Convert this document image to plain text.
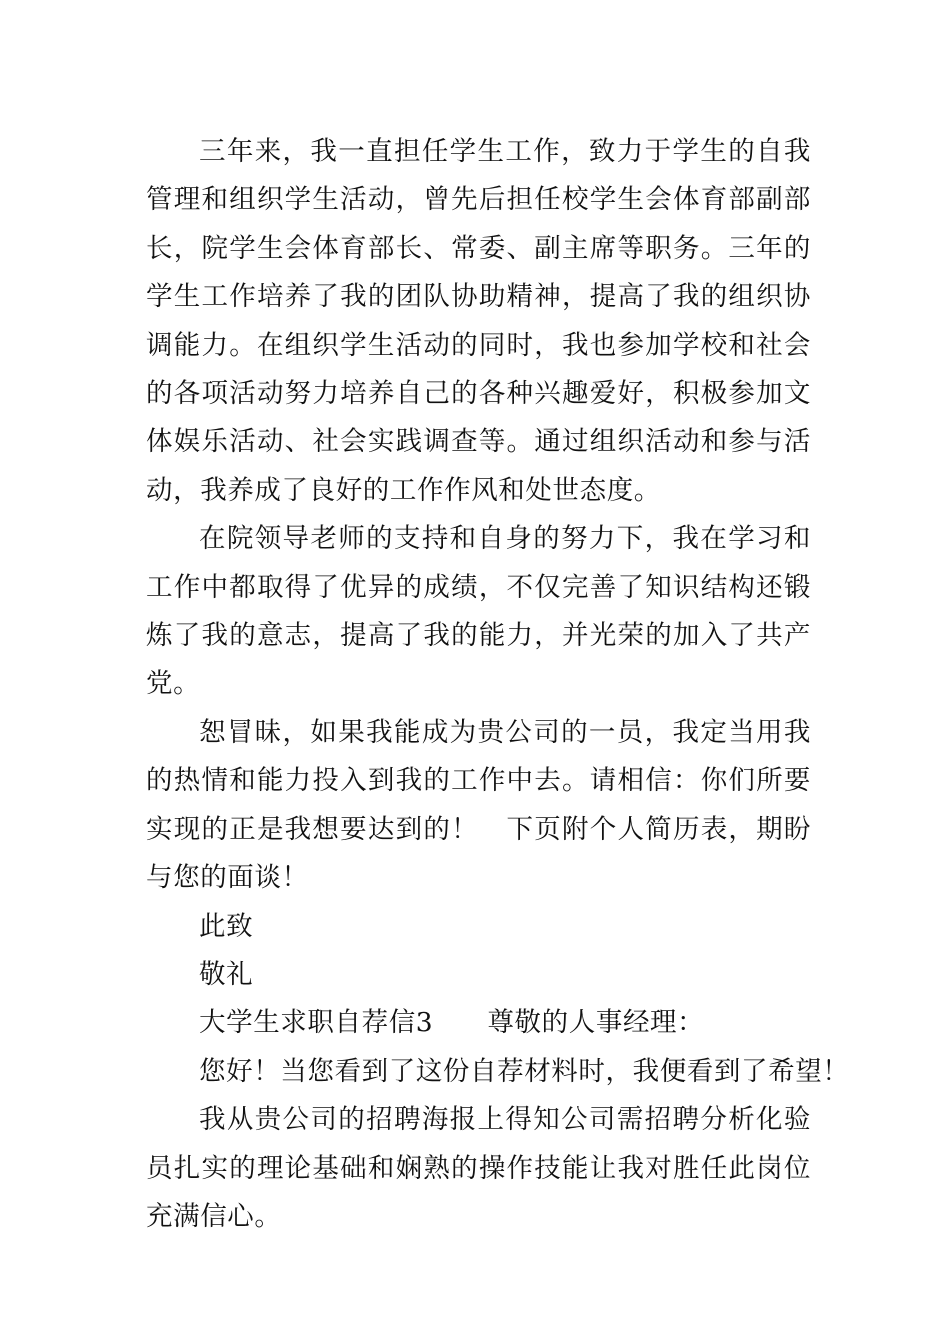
三年来，我一直担任学生工作，致力于学生的自我管理和组织学生活动，曾先后担任校学生会体育部副部长，院学生会体育部长、常委、副主席等职务。三年的学生工作培养了我的团队协助精神，提高了我的组织协调能力。在组织学生活动的同时，我也参加学校和社会的各项活动努力培养自己的各种兴趣爱好，积极参加文体娱乐活动、社会实践调查等。通过组织活动和参与活动，我养成了良好的工作作风和处世态度。

在院领导老师的支持和自身的努力下，我在学习和工作中都取得了优异的成绩，不仅完善了知识结构还锻炼了我的意志，提高了我的能力，并光荣的加入了共产党。

恕冒昧，如果我能成为贵公司的一员，我定当用我的热情和能力投入到我的工作中去。请相信：你们所要实现的正是我想要达到的！　下页附个人简历表，期盼与您的面谈！

此致

敬礼

大学生求职自荐信3　　尊敬的人事经理：

您好！当您看到了这份自荐材料时，我便看到了希望！

我从贵公司的招聘海报上得知公司需招聘分析化验员扎实的理论基础和娴熟的操作技能让我对胜任此岗位充满信心。
